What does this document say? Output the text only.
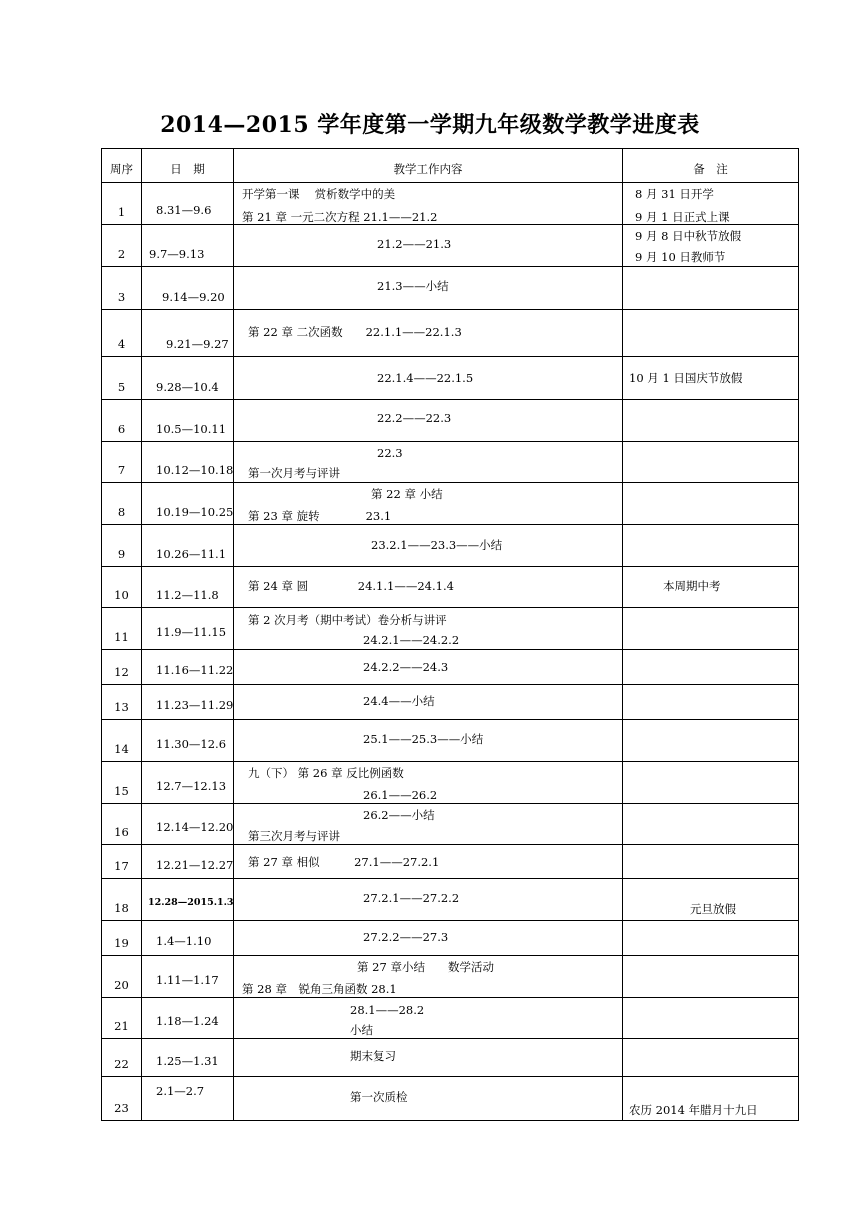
2014—2015 学年度第一学期九年级数学教学进度表
周序	日　期	教学工作内容	备　注

1	8.31—9.6	开学第一课　 赏析数学中的美
第 21 章 一元二次方程 21.1——21.2	8 月 31 日开学
9 月 1 日正式上课

2	9.7—9.13	21.2——21.3	9 月 8 日中秋节放假
9 月 10 日教师节

3	9.14—9.20	21.3——小结	

4	9.21—9.27	第 22 章 二次函数　　22.1.1——22.1.3	

5	9.28—10.4	22.1.4——22.1.5	10 月 1 日国庆节放假

6	10.5—10.11	22.2——22.3	

7	10.12—10.18	22.3
第一次月考与评讲	

8	10.19—10.25	第 22 章 小结
第 23 章 旋转　　　　23.1	

9	10.26—11.1	23.2.1——23.3——小结	

10	11.2—11.8	第 24 章 圆　　　　 24.1.1——24.1.4	本周期中考

11	11.9—11.15	第 2 次月考（期中考试）卷分析与讲评
24.2.1——24.2.2	

12	11.16—11.22	24.2.2——24.3	

13	11.23—11.29	24.4——小结	

14	11.30—12.6	25.1——25.3——小结	

15	12.7—12.13	九（下） 第 26 章 反比例函数
26.1——26.2	

16	12.14—12.20	26.2——小结
第三次月考与评讲	

17	12.21—12.27	第 27 章 相似　　　27.1——27.2.1	

18	12.28—2015.1.3	27.2.1——27.2.2	元旦放假

19	1.4—1.10	27.2.2——27.3	

20	1.11—1.17	第 27 章小结　　数学活动
第 28 章　锐角三角函数 28.1	

21	1.18—1.24	28.1——28.2
小结	

22	1.25—1.31	期末复习	

23	2.1—2.7	第一次质检	农历 2014 年腊月十九日
